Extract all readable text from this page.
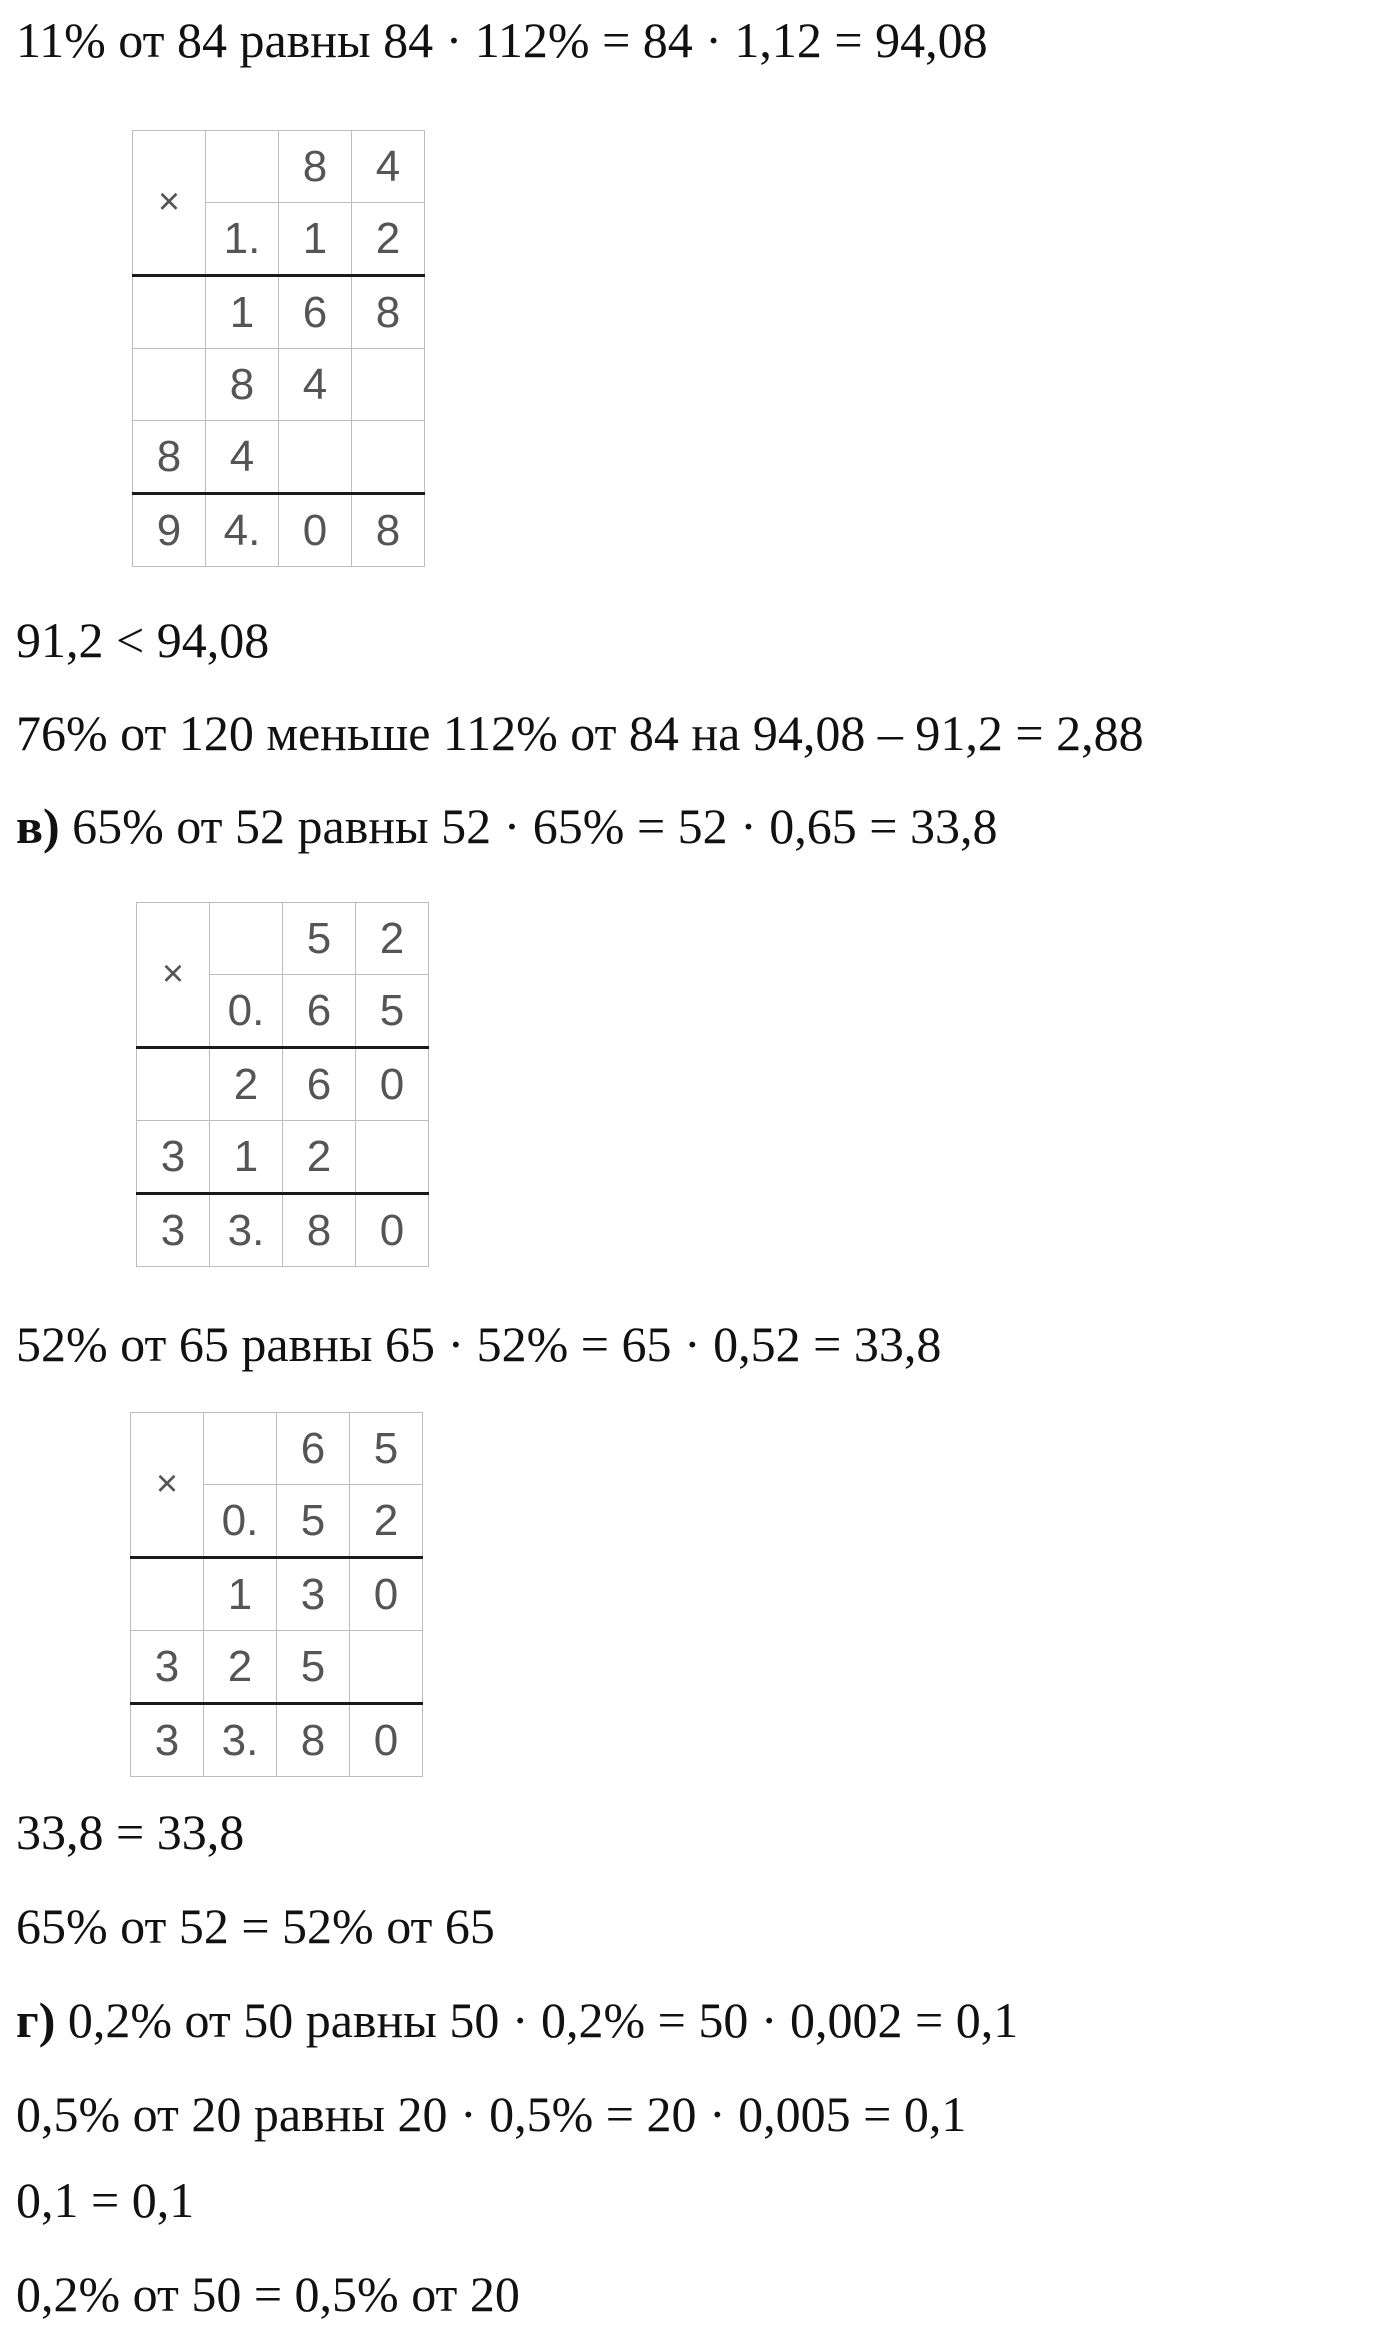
11% от 84 равны 84 · 112% = 84 · 1,12 = 94,08
×		8	4
	1.	1	2
	1	6	8
	8	4	
8	4		
9	4.	0	8
91,2 < 94,08
76% от 120 меньше 112% от 84 на 94,08 – 91,2 = 2,88
в) 65% от 52 равны 52 · 65% = 52 · 0,65 = 33,8
×		5	2
	0.	6	5
	2	6	0
3	1	2	
3	3.	8	0
52% от 65 равны 65 · 52% = 65 · 0,52 = 33,8
×		6	5
	0.	5	2
	1	3	0
3	2	5	
3	3.	8	0
33,8 = 33,8
65% от 52 = 52% от 65
г) 0,2% от 50 равны 50 · 0,2% = 50 · 0,002 = 0,1
0,5% от 20 равны 20 · 0,5% = 20 · 0,005 = 0,1
0,1 = 0,1
0,2% от 50 = 0,5% от 20
